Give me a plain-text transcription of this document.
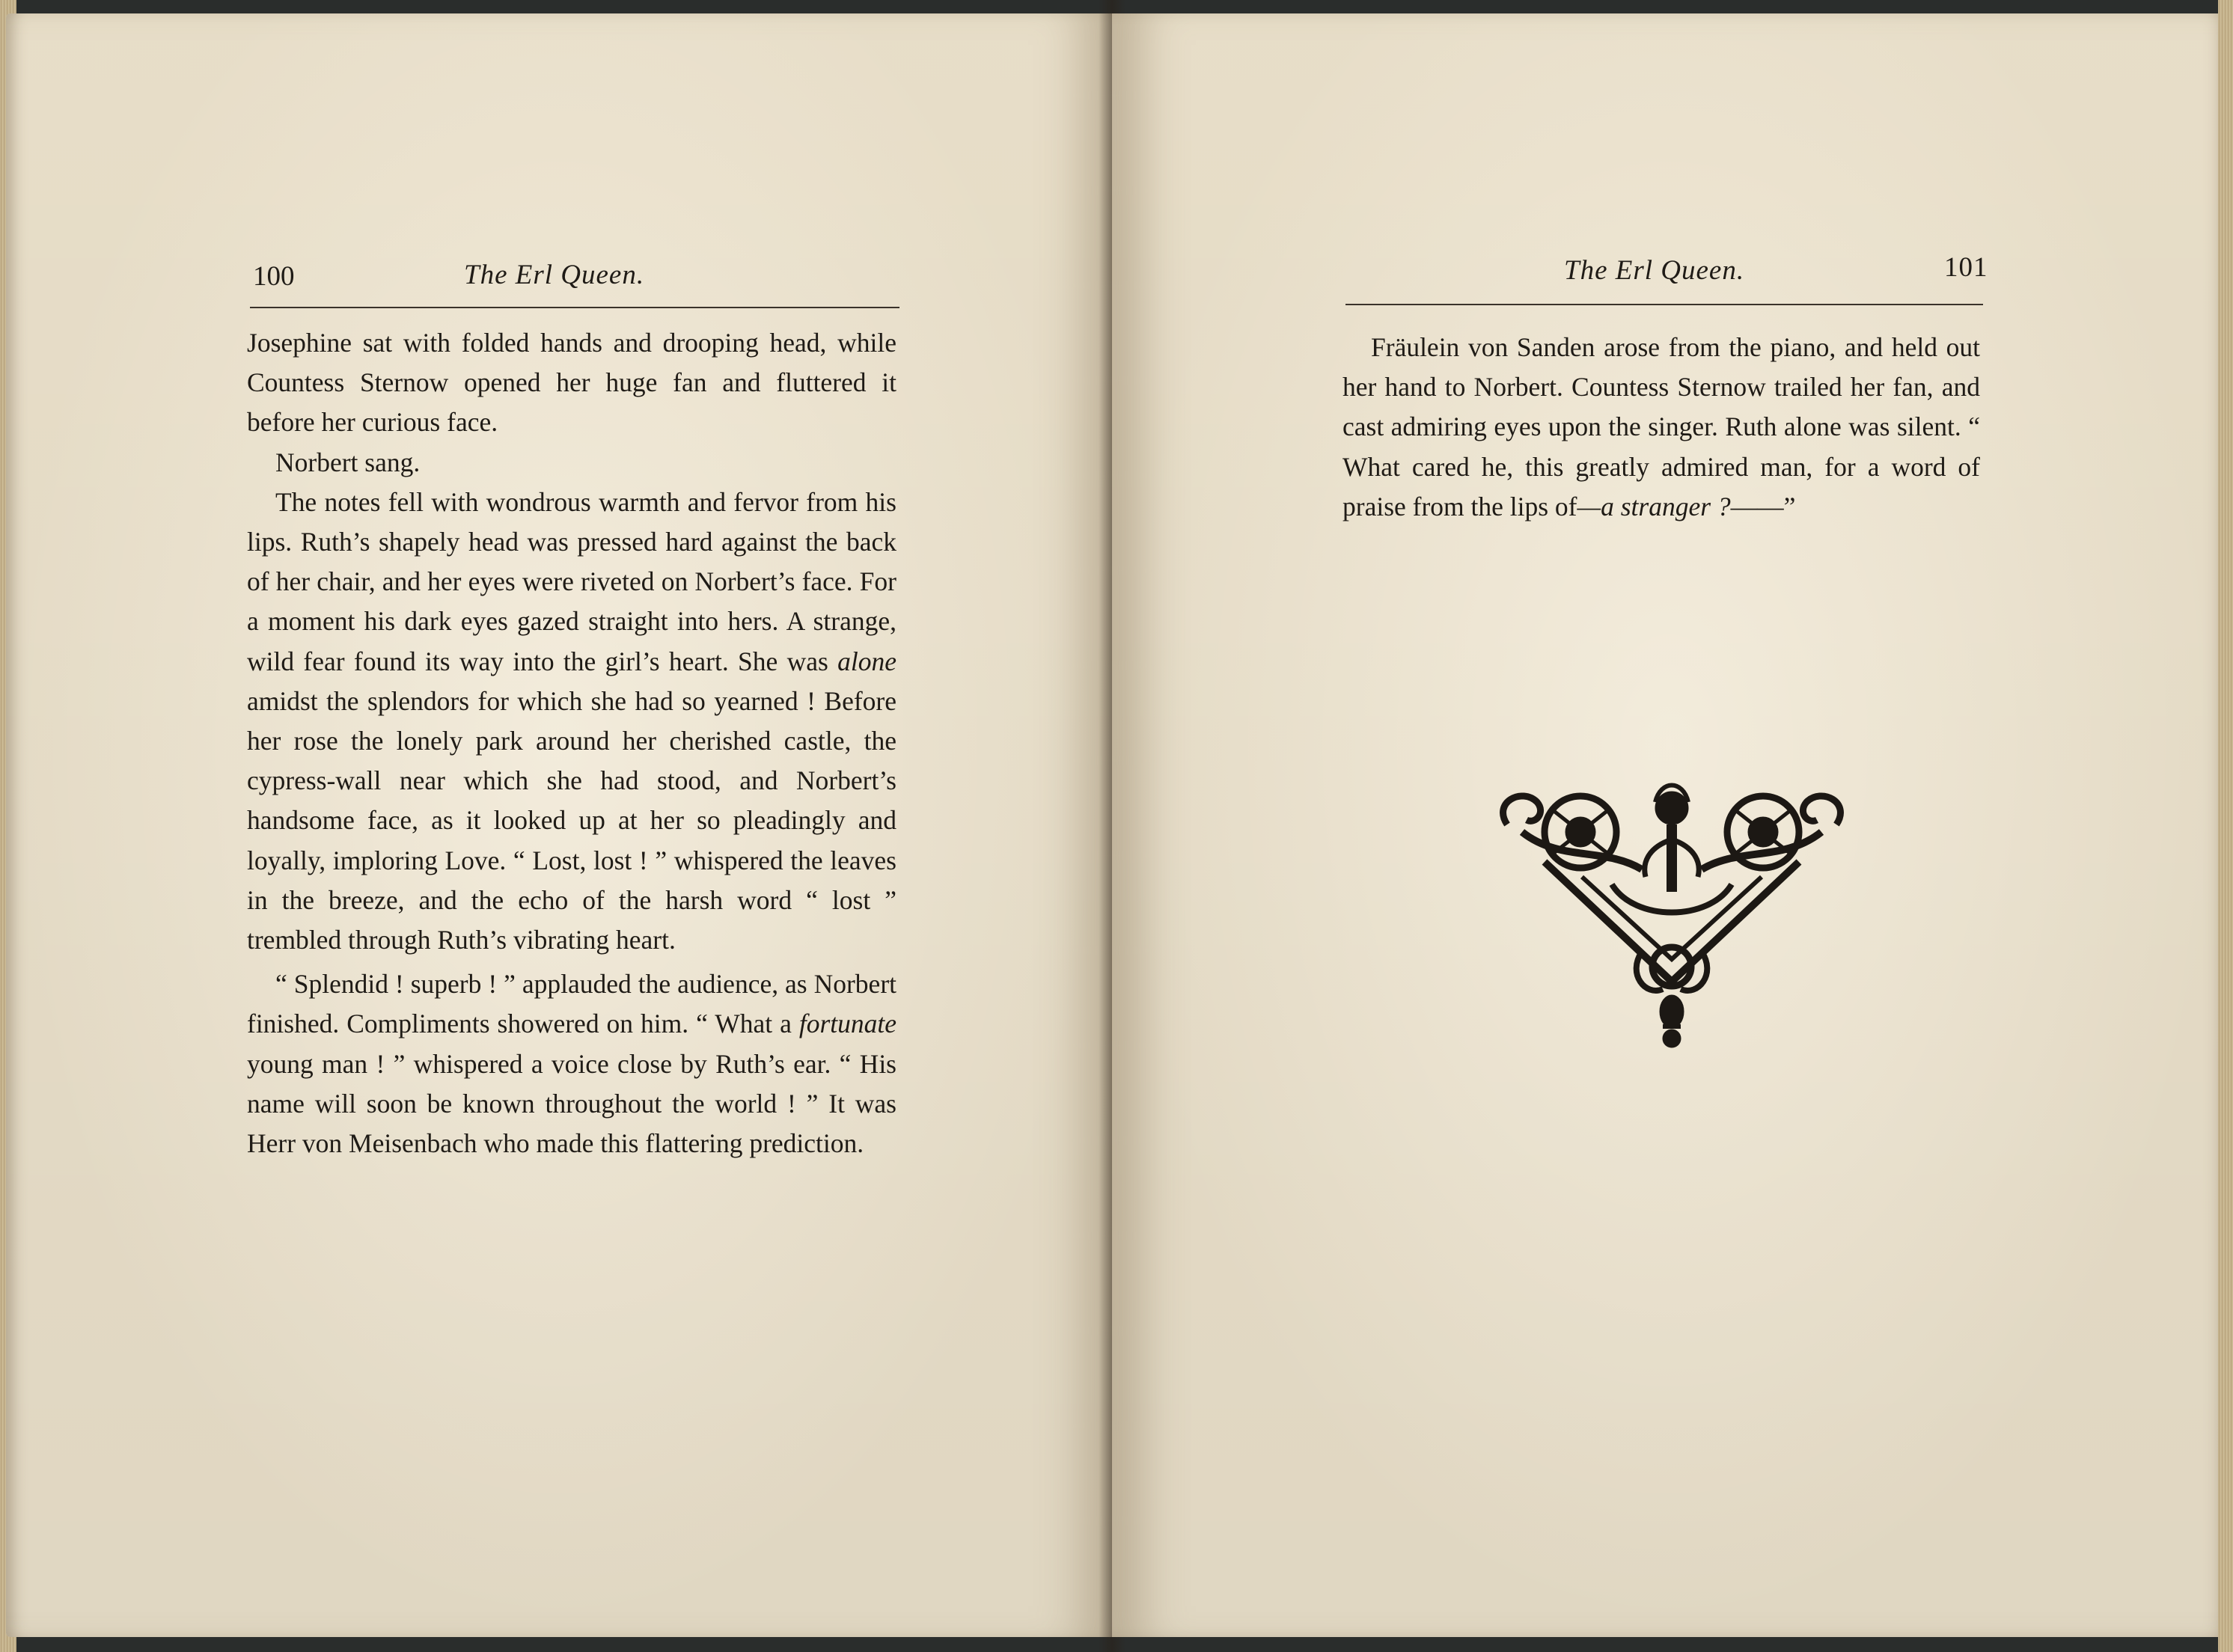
100	The Erl Queen.

Josephine sat with folded hands and drooping head, while Countess Sternow opened her huge fan and fluttered it before her curious face.

Norbert sang.

The notes fell with wondrous warmth and fervor from his lips. Ruth’s shapely head was pressed hard against the back of her chair, and her eyes were riveted on Norbert’s face. For a moment his dark eyes gazed straight into hers. A strange, wild fear found its way into the girl’s heart. She was alone amidst the splendors for which she had so yearned ! Before her rose the lonely park around her cherished castle, the cypress-wall near which she had stood, and Norbert’s handsome face, as it looked up at her so pleadingly and loyally, imploring Love. “ Lost, lost ! ” whispered the leaves in the breeze, and the echo of the harsh word “ lost ” trembled through Ruth’s vibrating heart.

“ Splendid ! superb ! ” applauded the audience, as Norbert finished. Compliments showered on him. “ What a fortunate young man ! ” whispered a voice close by Ruth’s ear. “ His name will soon be known throughout the world ! ” It was Herr von Meisenbach who made this flattering prediction.

The Erl Queen.	101

Fräulein von Sanden arose from the piano, and held out her hand to Norbert. Countess Sternow trailed her fan, and cast admiring eyes upon the singer. Ruth alone was silent. “ What cared he, this greatly admired man, for a word of praise from the lips of—a stranger ?——”
